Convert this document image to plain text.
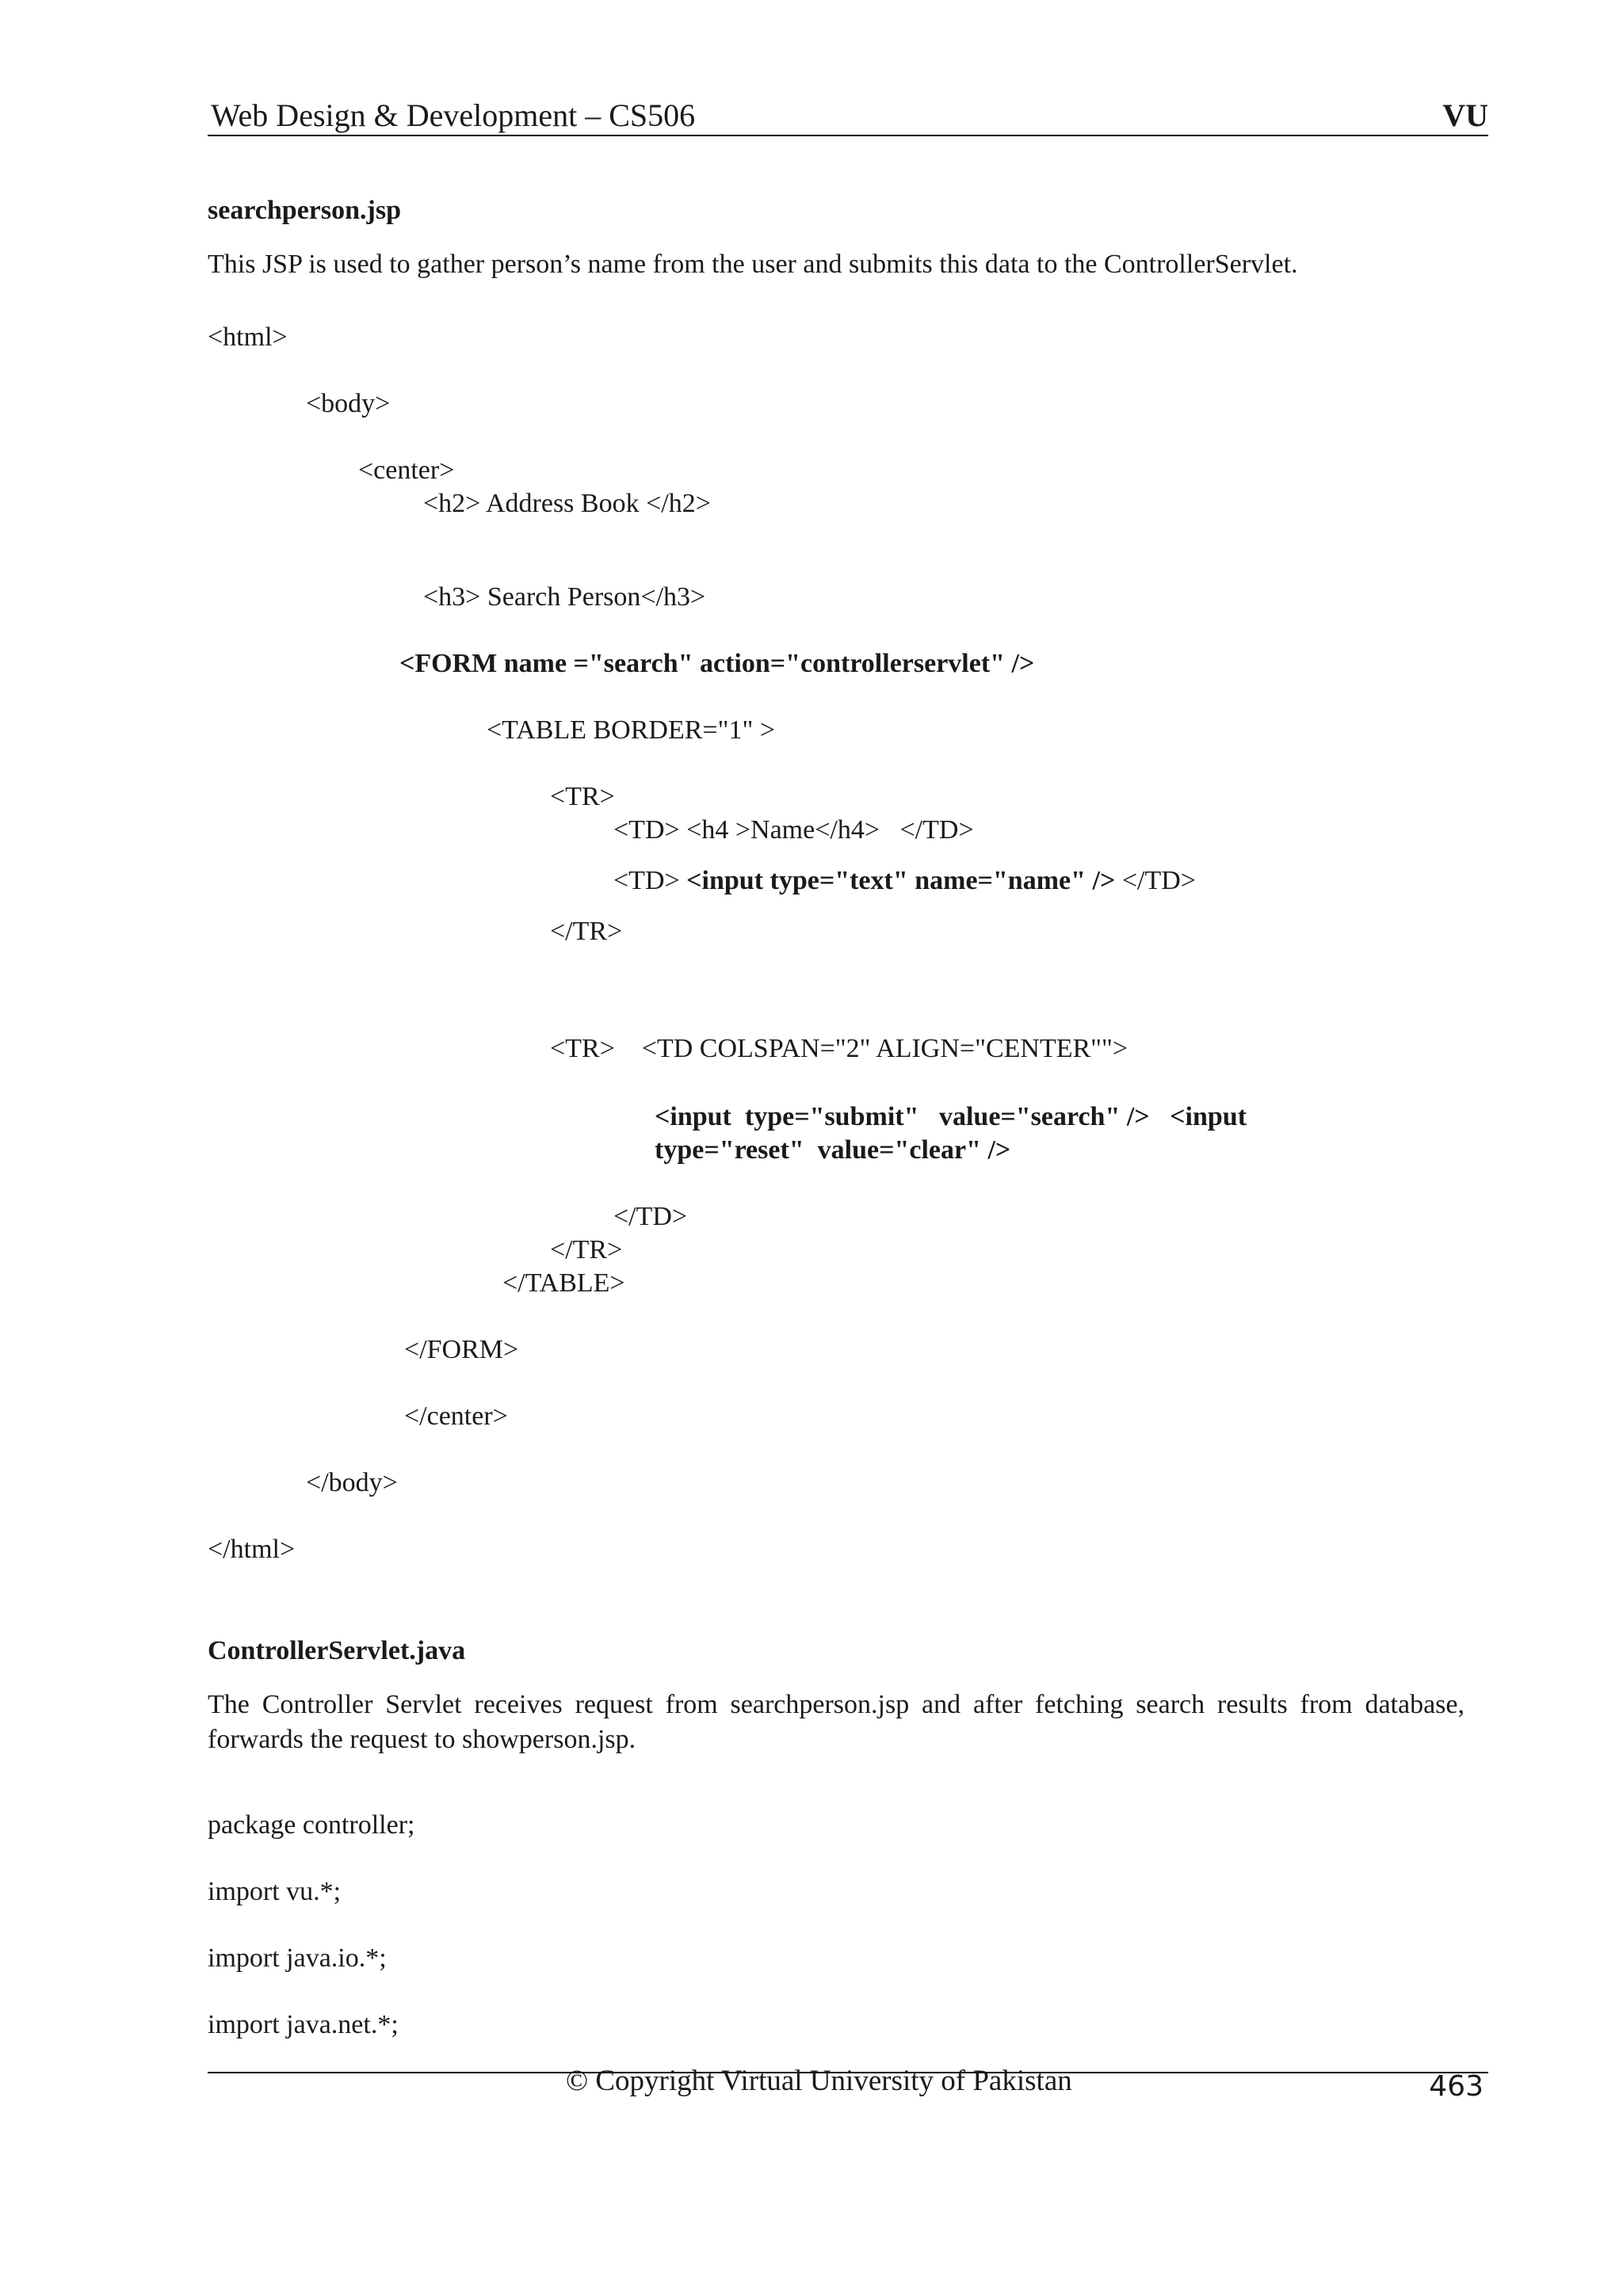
Web Design & Development – CS506	VU
searchperson.jsp
This JSP is used to gather person’s name from the user and submits this data to the ControllerServlet.
<html>
<body>
<center>
<h2> Address Book </h2>
<h3> Search Person</h3>
<FORM name ="search" action="controllerservlet" />
<TABLE BORDER="1" >
<TR>
<TD> <h4 >Name</h4>   </TD>
<TD> <input type="text" name="name" /> </TD>
</TR>
<TR>    <TD COLSPAN="2" ALIGN="CENTER"">
<input  type="submit"   value="search" />   <input
type="reset"  value="clear" />
</TD>
</TR>
</TABLE>
</FORM>
</center>
</body>
</html>
ControllerServlet.java
The Controller Servlet receives request from searchperson.jsp and after fetching search results from database, forwards the request to showperson.jsp.
package controller;
import vu.*;
import java.io.*;
import java.net.*;
© Copyright Virtual University of Pakistan	463
